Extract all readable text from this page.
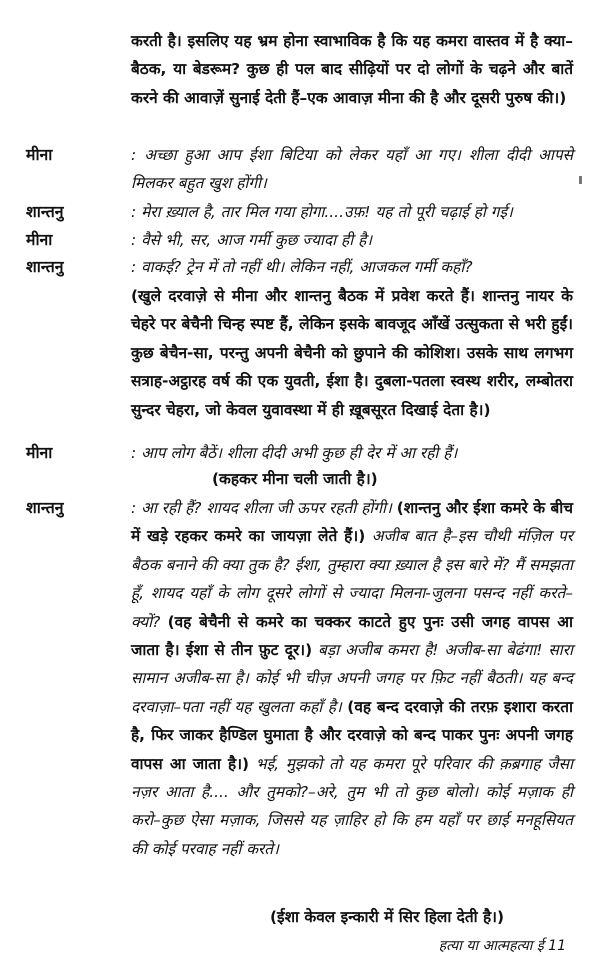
करती है। इसलिए यह भ्रम होना स्वाभाविक है कि यह कमरा वास्तव में है क्या–बैठक, या बेडरूम? कुछ ही पल बाद सीढ़ियों पर दो लोगों के चढ़ने और बातें करने की आवाज़ें सुनाई देती हैं–एक आवाज़ मीना की है और दूसरी पुरुष की।)

मीना	: अच्छा हुआ आप ईशा बिटिया को लेकर यहाँ आ गए। शीला दीदी आपसे मिलकर बहुत खुश होंगी।

शान्तनु	: मेरा ख़्याल है, तार मिल गया होगा....उफ़! यह तो पूरी चढ़ाई हो गई।

मीना	: वैसे भी, सर, आज गर्मी कुछ ज्यादा ही है।

शान्तनु	: वाकई? ट्रेन में तो नहीं थी। लेकिन नहीं, आजकल गर्मी कहाँ?

(खुले दरवाज़े से मीना और शान्तनु बैठक में प्रवेश करते हैं। शान्तनु नायर के चेहरे पर बेचैनी चिन्ह स्पष्ट हैं, लेकिन इसके बावजूद आँखें उत्सुकता से भरी हुईं। कुछ बेचैन-सा, परन्तु अपनी बेचैनी को छुपाने की कोशिश। उसके साथ लगभग सत्राह-अट्ठारह वर्ष की एक युवती, ईशा है। दुबला-पतला स्वस्थ शरीर, लम्बोतरा सुन्दर चेहरा, जो केवल युवावस्था में ही ख़ूबसूरत दिखाई देता है।)

मीना	: आप लोग बैठें। शीला दीदी अभी कुछ ही देर में आ रही हैं।

(कहकर मीना चली जाती है।)

शान्तनु	: आ रही हैं? शायद शीला जी ऊपर रहती होंगी। (शान्तनु और ईशा कमरे के बीच में खड़े रहकर कमरे का जायज़ा लेते हैं।) अजीब बात है–इस चौथी मंज़िल पर बैठक बनाने की क्या तुक है? ईशा, तुम्हारा क्या ख़्याल है इस बारे में? मैं समझता हूँ, शायद यहाँ के लोग दूसरे लोगों से ज्यादा मिलना-जुलना पसन्द नहीं करते–क्यों? (वह बेचैनी से कमरे का चक्कर काटते हुए पुनः उसी जगह वापस आ जाता है। ईशा से तीन फ़ुट दूर।) बड़ा अजीब कमरा है! अजीब-सा बेढंगा! सारा सामान अजीब-सा है। कोई भी चीज़ अपनी जगह पर फ़िट नहीं बैठती। यह बन्द दरवाज़ा–पता नहीं यह खुलता कहाँ है। (वह बन्द दरवाज़े की तरफ़ इशारा करता है, फिर जाकर हैण्डिल घुमाता है और दरवाज़े को बन्द पाकर पुनः अपनी जगह वापस आ जाता है।) भई, मुझको तो यह कमरा पूरे परिवार की क़ब्रगाह जैसा नज़र आता है.... और तुमको?–अरे, तुम भी तो कुछ बोलो। कोई मज़ाक ही करो–कुछ ऐसा मज़ाक, जिससे यह ज़ाहिर हो कि हम यहाँ पर छाई मनहूसियत की कोई परवाह नहीं करते।

(ईशा केवल इन्कारी में सिर हिला देती है।)

हत्या या आत्महत्या ई 11
